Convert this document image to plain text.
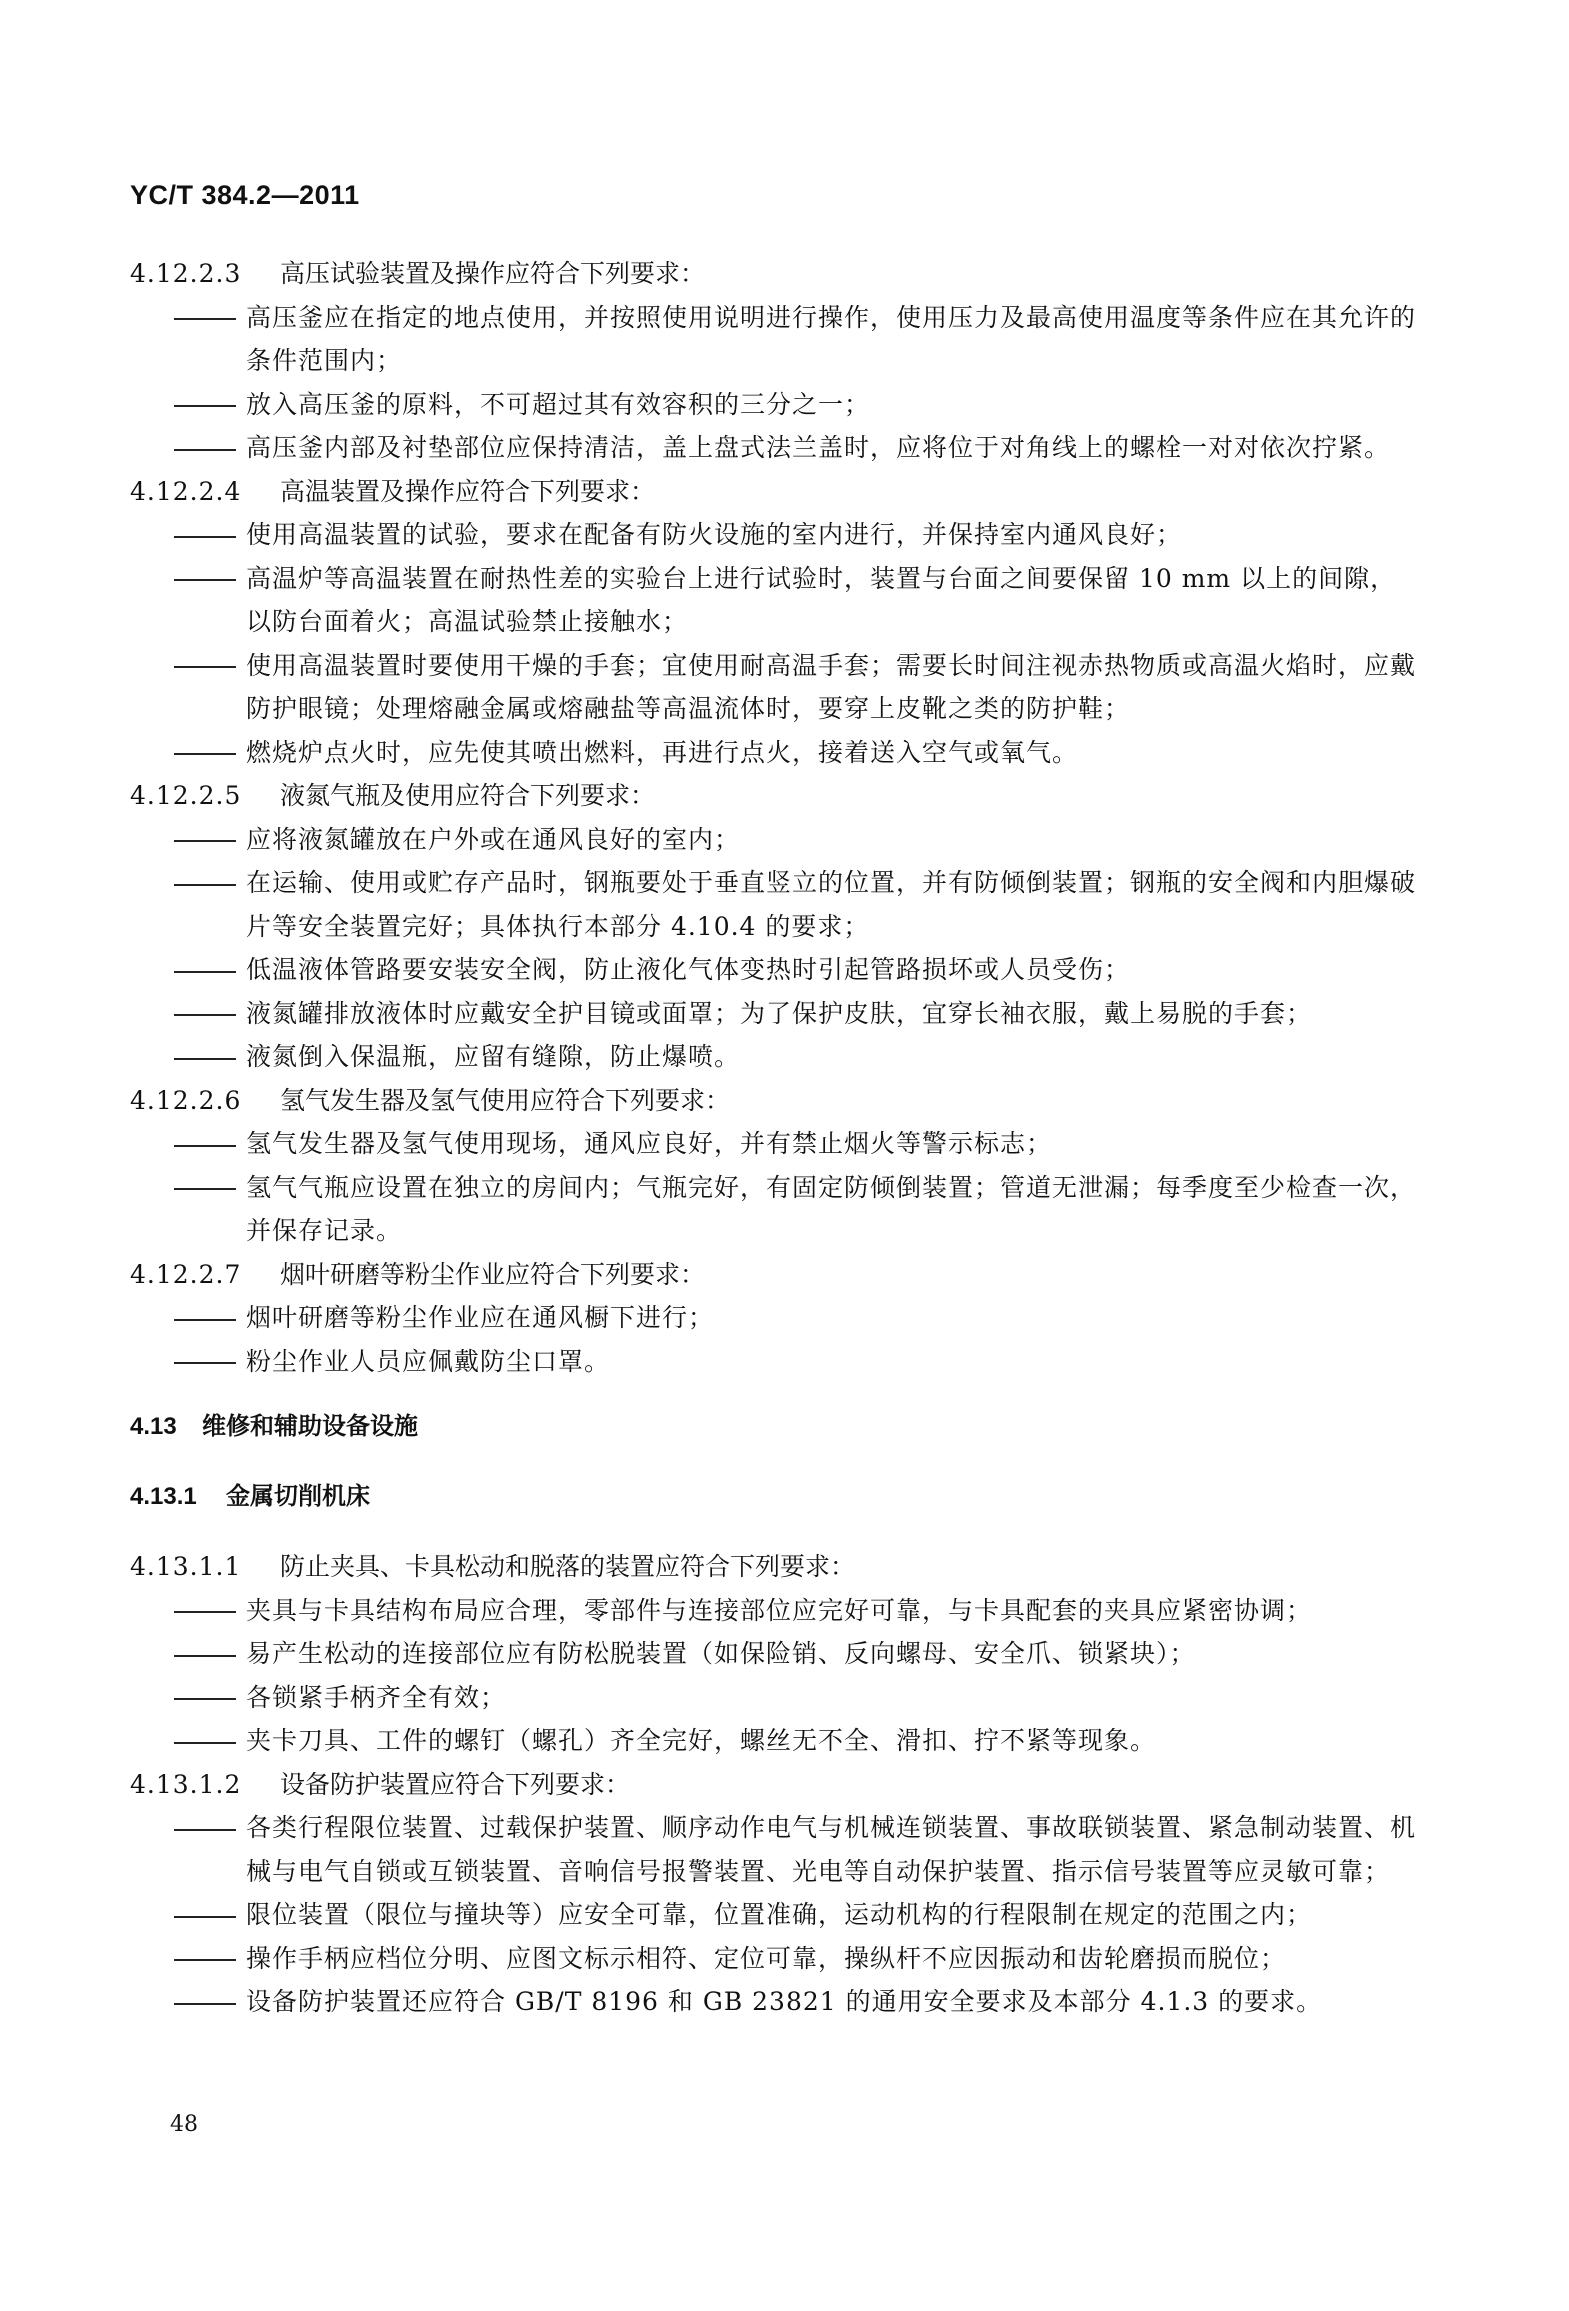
YC/T 384.2—2011

4.12.2.3 高压试验装置及操作应符合下列要求：

高压釜应在指定的地点使用，并按照使用说明进行操作，使用压力及最高使用温度等条件应在其允许的条件范围内；

放入高压釜的原料，不可超过其有效容积的三分之一；

高压釜内部及衬垫部位应保持清洁，盖上盘式法兰盖时，应将位于对角线上的螺栓一对对依次拧紧。

4.12.2.4 高温装置及操作应符合下列要求：

使用高温装置的试验，要求在配备有防火设施的室内进行，并保持室内通风良好；

高温炉等高温装置在耐热性差的实验台上进行试验时，装置与台面之间要保留 10 mm 以上的间隙，以防台面着火；高温试验禁止接触水；

使用高温装置时要使用干燥的手套；宜使用耐高温手套；需要长时间注视赤热物质或高温火焰时，应戴防护眼镜；处理熔融金属或熔融盐等高温流体时，要穿上皮靴之类的防护鞋；

燃烧炉点火时，应先使其喷出燃料，再进行点火，接着送入空气或氧气。

4.12.2.5 液氮气瓶及使用应符合下列要求：

应将液氮罐放在户外或在通风良好的室内；

在运输、使用或贮存产品时，钢瓶要处于垂直竖立的位置，并有防倾倒装置；钢瓶的安全阀和内胆爆破片等安全装置完好；具体执行本部分 4.10.4 的要求；

低温液体管路要安装安全阀，防止液化气体变热时引起管路损坏或人员受伤；

液氮罐排放液体时应戴安全护目镜或面罩；为了保护皮肤，宜穿长袖衣服，戴上易脱的手套；

液氮倒入保温瓶，应留有缝隙，防止爆喷。

4.12.2.6 氢气发生器及氢气使用应符合下列要求：

氢气发生器及氢气使用现场，通风应良好，并有禁止烟火等警示标志；

氢气气瓶应设置在独立的房间内；气瓶完好，有固定防倾倒装置；管道无泄漏；每季度至少检查一次，并保存记录。

4.12.2.7 烟叶研磨等粉尘作业应符合下列要求：

烟叶研磨等粉尘作业应在通风橱下进行；

粉尘作业人员应佩戴防尘口罩。

4.13 维修和辅助设备设施

4.13.1 金属切削机床

4.13.1.1 防止夹具、卡具松动和脱落的装置应符合下列要求：

夹具与卡具结构布局应合理，零部件与连接部位应完好可靠，与卡具配套的夹具应紧密协调；

易产生松动的连接部位应有防松脱装置（如保险销、反向螺母、安全爪、锁紧块）；

各锁紧手柄齐全有效；

夹卡刀具、工件的螺钉（螺孔）齐全完好，螺丝无不全、滑扣、拧不紧等现象。

4.13.1.2 设备防护装置应符合下列要求：

各类行程限位装置、过载保护装置、顺序动作电气与机械连锁装置、事故联锁装置、紧急制动装置、机械与电气自锁或互锁装置、音响信号报警装置、光电等自动保护装置、指示信号装置等应灵敏可靠；

限位装置（限位与撞块等）应安全可靠，位置准确，运动机构的行程限制在规定的范围之内；

操作手柄应档位分明、应图文标示相符、定位可靠，操纵杆不应因振动和齿轮磨损而脱位；

设备防护装置还应符合 GB/T 8196 和 GB 23821 的通用安全要求及本部分 4.1.3 的要求。

48
